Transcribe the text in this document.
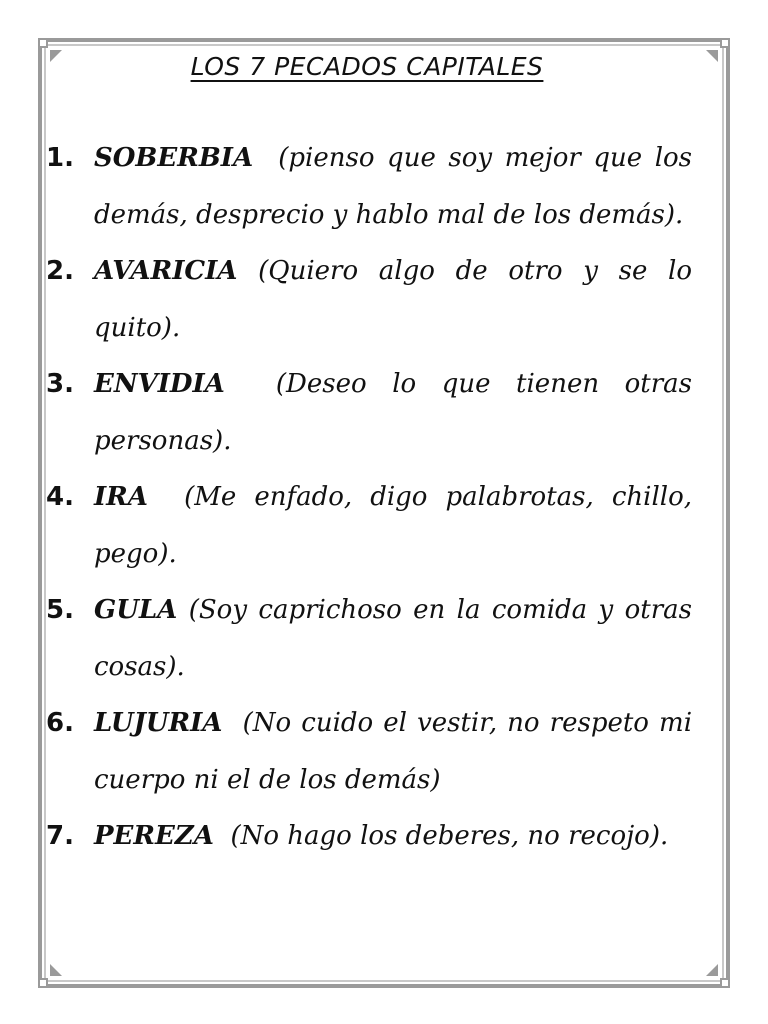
LOS 7 PECADOS CAPITALES
1. SOBERBIA (pienso que soy mejor que los demás, desprecio y hablo mal de los demás).
2. AVARICIA (Quiero algo de otro y se lo quito).
3. ENVIDIA (Deseo lo que tienen otras personas).
4. IRA (Me enfado, digo palabrotas, chillo, pego).
5. GULA (Soy caprichoso en la comida y otras cosas).
6. LUJURIA (No cuido el vestir, no respeto mi cuerpo ni el de los demás)
7. PEREZA (No hago los deberes, no recojo).
